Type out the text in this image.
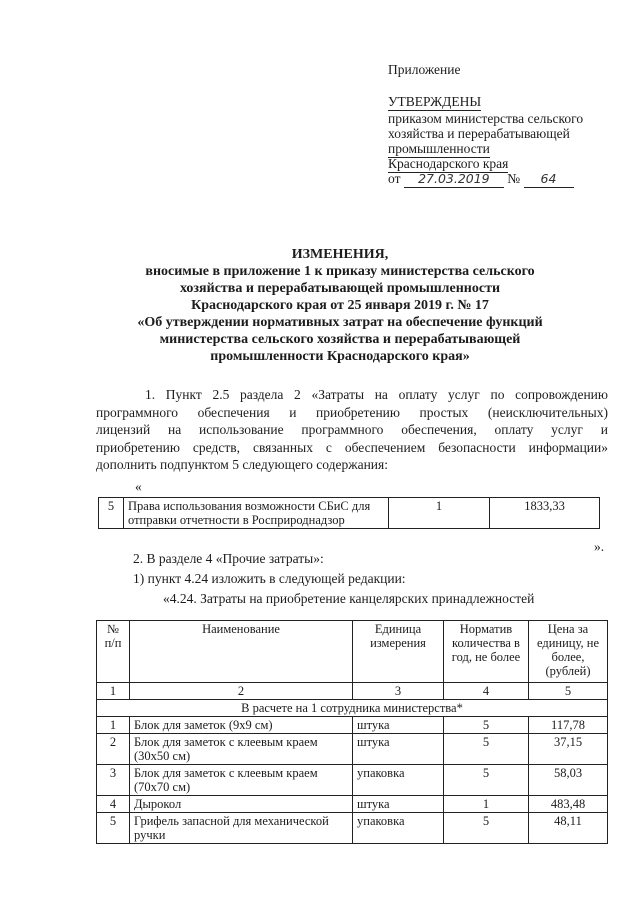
Приложение
УТВЕРЖДЕНЫ
приказом министерства сельского
хозяйства и перерабатывающей
промышленности
Краснодарского края
от 27.03.2019 № 64
ИЗМЕНЕНИЯ,
вносимые в приложение 1 к приказу министерства сельского
хозяйства и перерабатывающей промышленности
Краснодарского края от 25 января 2019 г. № 17
«Об утверждении нормативных затрат на обеспечение функций
министерства сельского хозяйства и перерабатывающей
промышленности Краснодарского края»
1. Пункт 2.5 раздела 2 «Затраты на оплату услуг по сопровождению
программного обеспечения и приобретению простых (неисключительных)
лицензий на использование программного обеспечения, оплату услуг и
приобретению средств, связанных с обеспечением безопасности информации»
дополнить подпунктом 5 следующего содержания:
«
5	Права использования возможности СБиС для отправки отчетности в Росприроднадзор	1	1833,33
».
2. В разделе 4 «Прочие затраты»:
1) пункт 4.24 изложить в следующей редакции:
«4.24. Затраты на приобретение канцелярских принадлежностей
№ п/п	Наименование	Единица измерения	Норматив количества в год, не более	Цена за единицу, не более, (рублей)
1	2	3	4	5
В расчете на 1 сотрудника министерства*				
1	Блок для заметок (9х9 см)	штука	5	117,78
2	Блок для заметок с клеевым краем (30х50 см)	штука	5	37,15
3	Блок для заметок с клеевым краем (70х70 см)	упаковка	5	58,03
4	Дырокол	штука	1	483,48
5	Грифель запасной для механической ручки	упаковка	5	48,11
